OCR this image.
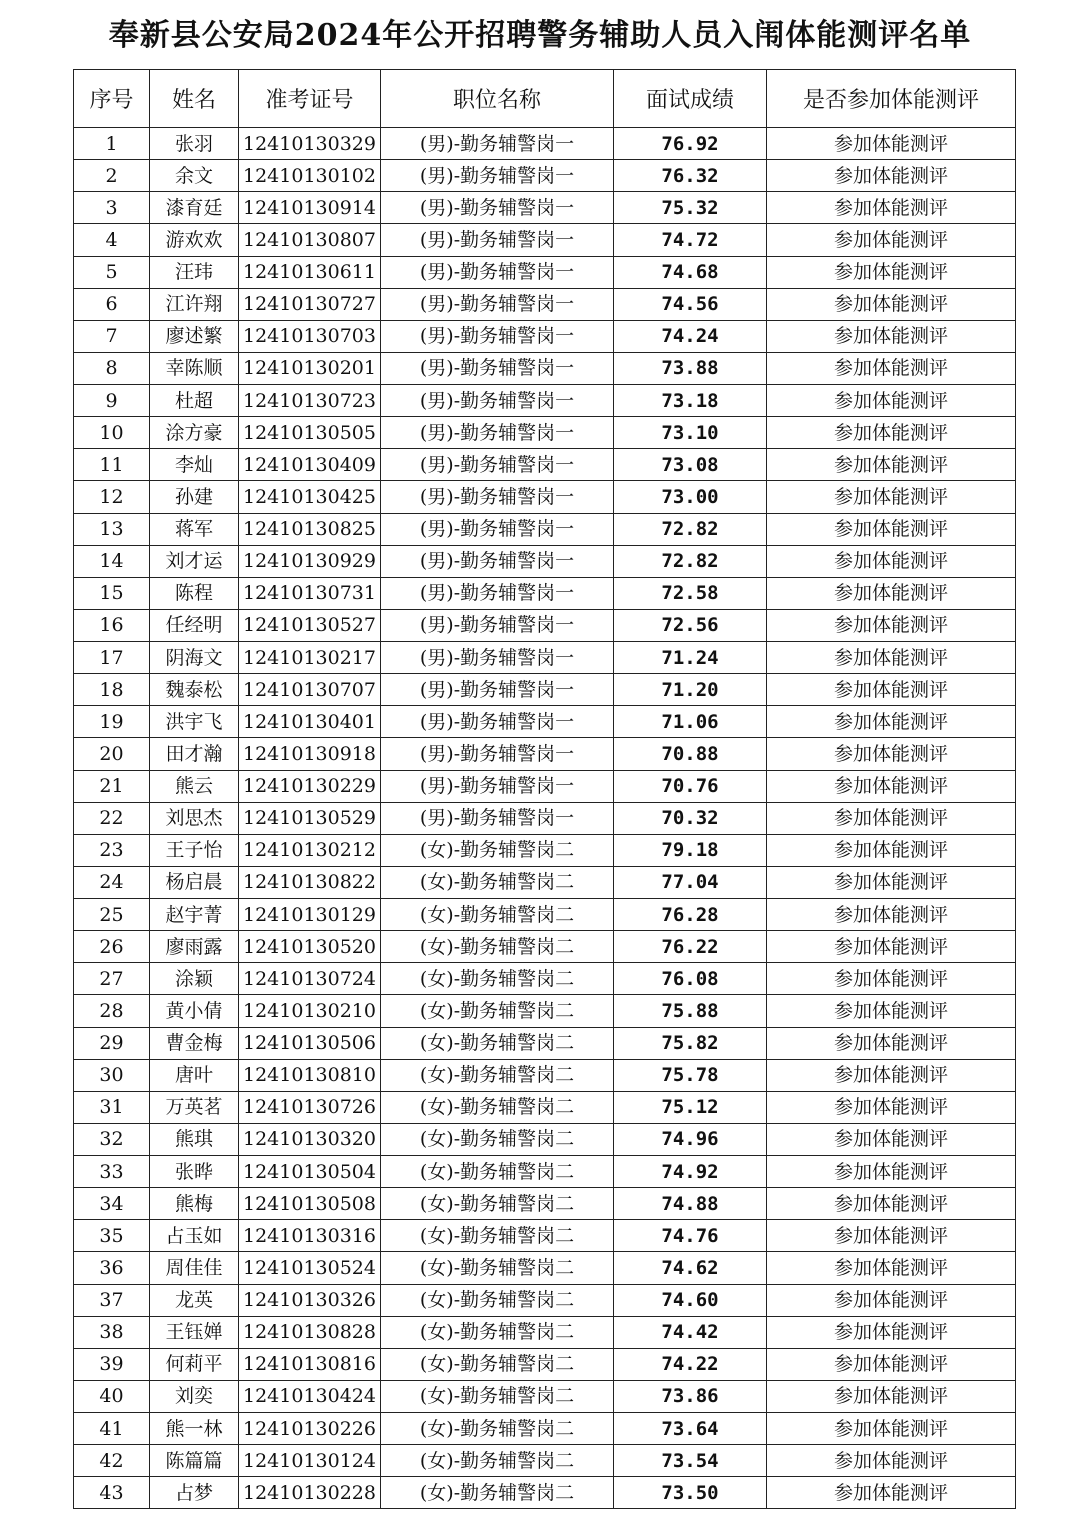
奉新县公安局2024年公开招聘警务辅助人员入闱体能测评名单
序号	姓名	准考证号	职位名称	面试成绩	是否参加体能测评
1	张羽	12410130329	(男)-勤务辅警岗一	76.92	参加体能测评
2	余文	12410130102	(男)-勤务辅警岗一	76.32	参加体能测评
3	漆育廷	12410130914	(男)-勤务辅警岗一	75.32	参加体能测评
4	游欢欢	12410130807	(男)-勤务辅警岗一	74.72	参加体能测评
5	汪玮	12410130611	(男)-勤务辅警岗一	74.68	参加体能测评
6	江许翔	12410130727	(男)-勤务辅警岗一	74.56	参加体能测评
7	廖述繁	12410130703	(男)-勤务辅警岗一	74.24	参加体能测评
8	幸陈顺	12410130201	(男)-勤务辅警岗一	73.88	参加体能测评
9	杜超	12410130723	(男)-勤务辅警岗一	73.18	参加体能测评
10	涂方豪	12410130505	(男)-勤务辅警岗一	73.10	参加体能测评
11	李灿	12410130409	(男)-勤务辅警岗一	73.08	参加体能测评
12	孙建	12410130425	(男)-勤务辅警岗一	73.00	参加体能测评
13	蒋军	12410130825	(男)-勤务辅警岗一	72.82	参加体能测评
14	刘才运	12410130929	(男)-勤务辅警岗一	72.82	参加体能测评
15	陈程	12410130731	(男)-勤务辅警岗一	72.58	参加体能测评
16	任经明	12410130527	(男)-勤务辅警岗一	72.56	参加体能测评
17	阴海文	12410130217	(男)-勤务辅警岗一	71.24	参加体能测评
18	魏泰松	12410130707	(男)-勤务辅警岗一	71.20	参加体能测评
19	洪宇飞	12410130401	(男)-勤务辅警岗一	71.06	参加体能测评
20	田才瀚	12410130918	(男)-勤务辅警岗一	70.88	参加体能测评
21	熊云	12410130229	(男)-勤务辅警岗一	70.76	参加体能测评
22	刘思杰	12410130529	(男)-勤务辅警岗一	70.32	参加体能测评
23	王子怡	12410130212	(女)-勤务辅警岗二	79.18	参加体能测评
24	杨启晨	12410130822	(女)-勤务辅警岗二	77.04	参加体能测评
25	赵宇菁	12410130129	(女)-勤务辅警岗二	76.28	参加体能测评
26	廖雨露	12410130520	(女)-勤务辅警岗二	76.22	参加体能测评
27	涂颖	12410130724	(女)-勤务辅警岗二	76.08	参加体能测评
28	黄小倩	12410130210	(女)-勤务辅警岗二	75.88	参加体能测评
29	曹金梅	12410130506	(女)-勤务辅警岗二	75.82	参加体能测评
30	唐叶	12410130810	(女)-勤务辅警岗二	75.78	参加体能测评
31	万英茗	12410130726	(女)-勤务辅警岗二	75.12	参加体能测评
32	熊琪	12410130320	(女)-勤务辅警岗二	74.96	参加体能测评
33	张晔	12410130504	(女)-勤务辅警岗二	74.92	参加体能测评
34	熊梅	12410130508	(女)-勤务辅警岗二	74.88	参加体能测评
35	占玉如	12410130316	(女)-勤务辅警岗二	74.76	参加体能测评
36	周佳佳	12410130524	(女)-勤务辅警岗二	74.62	参加体能测评
37	龙英	12410130326	(女)-勤务辅警岗二	74.60	参加体能测评
38	王钰婵	12410130828	(女)-勤务辅警岗二	74.42	参加体能测评
39	何莉平	12410130816	(女)-勤务辅警岗二	74.22	参加体能测评
40	刘奕	12410130424	(女)-勤务辅警岗二	73.86	参加体能测评
41	熊一林	12410130226	(女)-勤务辅警岗二	73.64	参加体能测评
42	陈篇篇	12410130124	(女)-勤务辅警岗二	73.54	参加体能测评
43	占梦	12410130228	(女)-勤务辅警岗二	73.50	参加体能测评
